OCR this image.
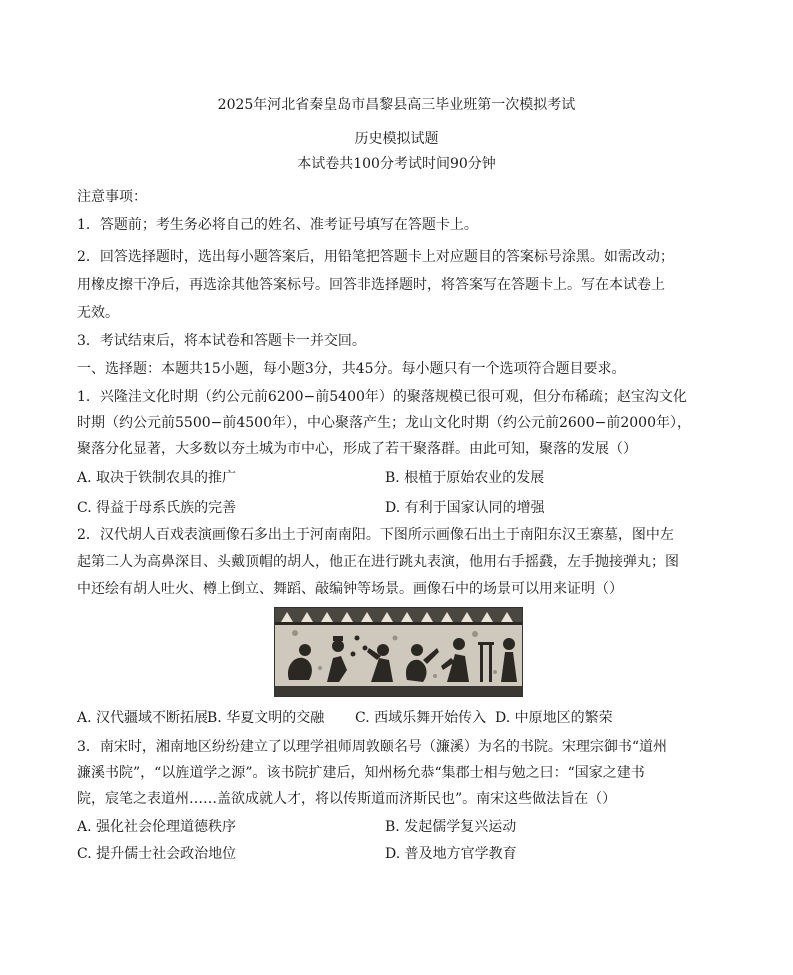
2025年河北省秦皇岛市昌黎县高三毕业班第一次模拟考试
历史模拟试题
本试卷共100分考试时间90分钟
注意事项：
1．答题前；考生务必将自己的姓名、准考证号填写在答题卡上。
2．回答选择题时，选出每小题答案后，用铅笔把答题卡上对应题目的答案标号涂黑。如需改动；
用橡皮擦干净后，再选涂其他答案标号。回答非选择题时，将答案写在答题卡上。写在本试卷上
无效。
3．考试结束后，将本试卷和答题卡一并交回。
一、选择题：本题共15小题，每小题3分，共45分。每小题只有一个选项符合题目要求。
1．兴隆洼文化时期（约公元前6200−前5400年）的聚落规模已很可观，但分布稀疏；赵宝沟文化
时期（约公元前5500−前4500年），中心聚落产生；龙山文化时期（约公元前2600−前2000年），
聚落分化显著，大多数以夯土城为市中心，形成了若干聚落群。由此可知，聚落的发展（）
A. 取决于铁制农具的推广	B. 根植于原始农业的发展
C. 得益于母系氏族的完善	D. 有利于国家认同的增强
2．汉代胡人百戏表演画像石多出土于河南南阳。下图所示画像石出土于南阳东汉王寨墓，图中左
起第二人为高鼻深目、头戴顶帽的胡人，他正在进行跳丸表演，他用右手摇鼗，左手抛接弹丸；图
中还绘有胡人吐火、樽上倒立、舞蹈、敲编钟等场景。画像石中的场景可以用来证明（）
A. 汉代疆域不断拓展
B. 华夏文明的交融 C. 西域乐舞开始传入 D. 中原地区的繁荣
3．南宋时，湘南地区纷纷建立了以理学祖师周敦颐名号（濂溪）为名的书院。宋理宗御书“道州
濂溪书院”，“以旌道学之源”。该书院扩建后，知州杨允恭“集郡士相与勉之曰：“国家之建书
院，宸笔之表道州……盖欲成就人才，将以传斯道而济斯民也”。南宋这些做法旨在（）
A. 强化社会伦理道德秩序	B. 发起儒学复兴运动
C. 提升儒士社会政治地位	D. 普及地方官学教育
